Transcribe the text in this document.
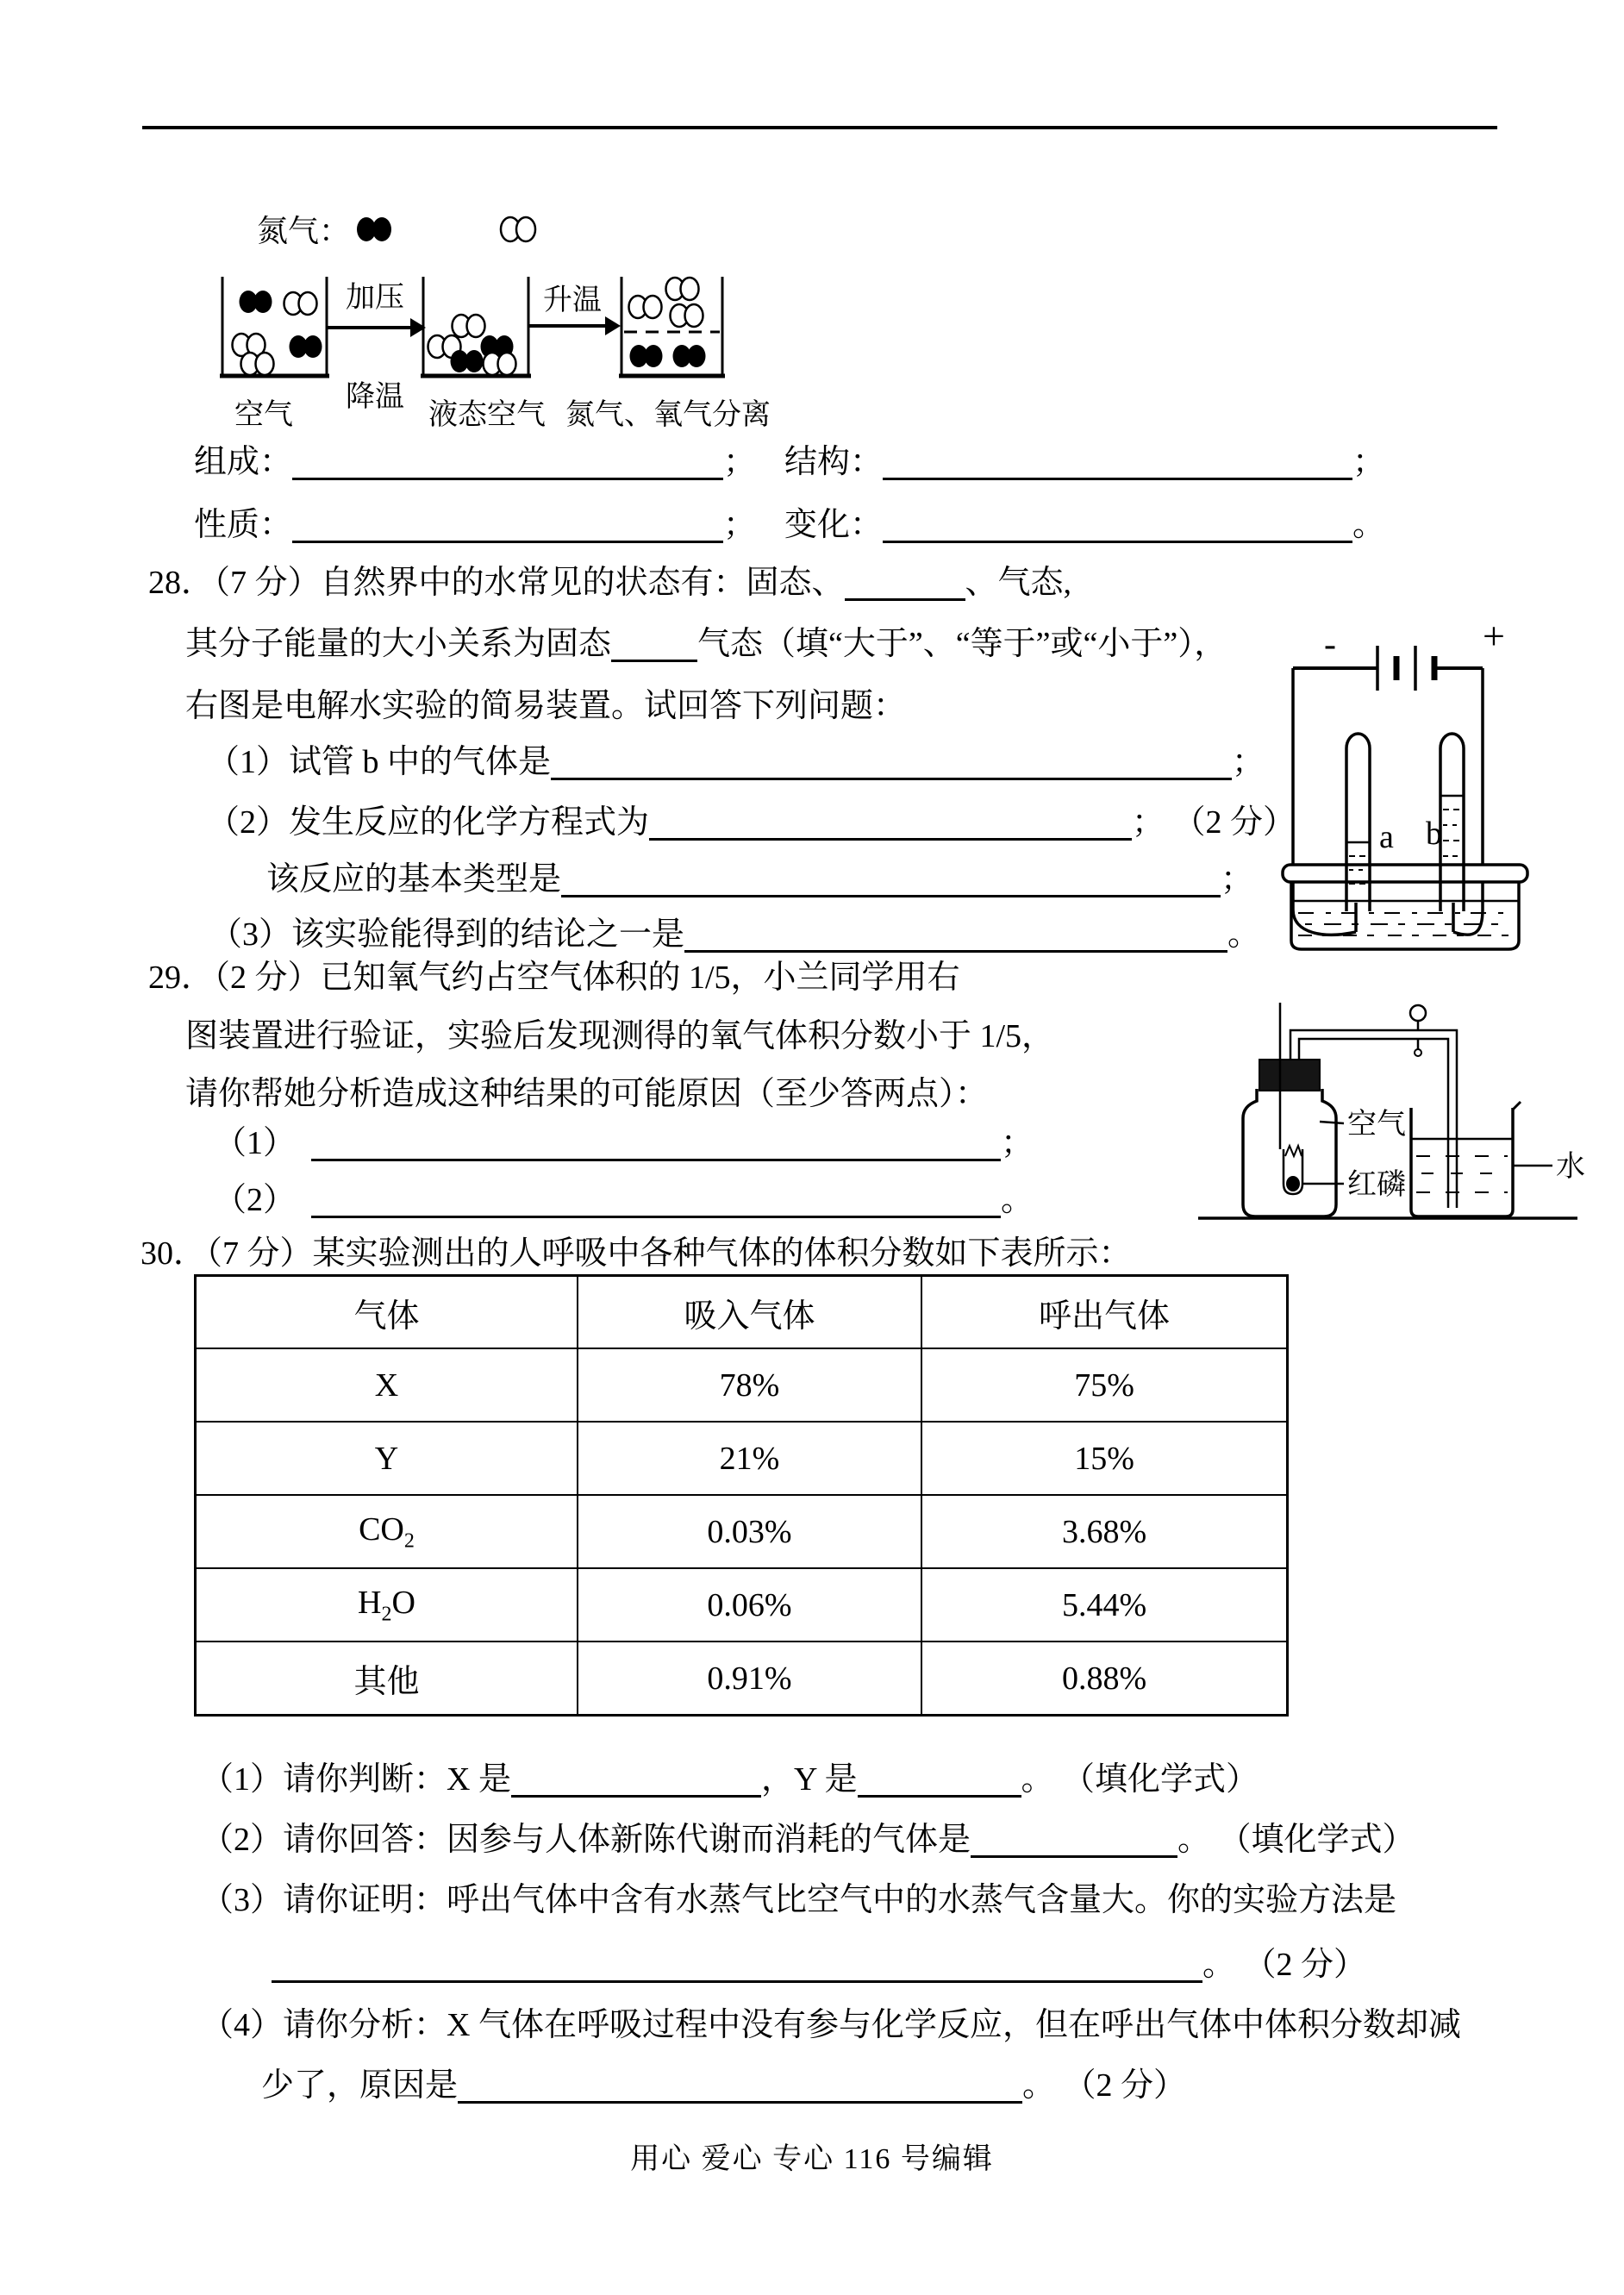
氮气：
加压
降温
升温
空气	液态空气 氮气、氧气分离
组成：	； 结构：	；
性质：	； 变化：	。
28．（7 分）自然界中的水常见的状态有：固态、	、气态,
其分子能量的大小关系为固态	气态（填“大于”、“等于”或“小于”），
右图是电解水实验的简易装置。试回答下列问题：
（1）试管 b 中的气体是	；
（2）发生反应的化学方程式为	； （2 分）
该反应的基本类型是	；
（3）该实验能得到的结论之一是	。
-	+
a b
29．（2 分）已知氧气约占空气体积的 1/5，小兰同学用右
图装置进行验证，实验后发现测得的氧气体积分数小于 1/5，
请你帮她分析造成这种结果的可能原因（至少答两点）：
（1）	；
（2）	。
空气
红磷
水
30．（7 分）某实验测出的人呼吸中各种气体的体积分数如下表所示：
气体	吸入气体	呼出气体
X	78%	75%
Y	21%	15%
$CO_2$	0.03%	3.68%
$H_2O$	0.06%	5.44%
其他	0.91%	0.88%
（1）请你判断：X 是	，Y 是	。 （填化学式）
（2）请你回答：因参与人体新陈代谢而消耗的气体是	。 （填化学式）
（3）请你证明：呼出气体中含有水蒸气比空气中的水蒸气含量大。你的实验方法是
。 （2 分）
（4）请你分析：X 气体在呼吸过程中没有参与化学反应，但在呼出气体中体积分数却减
少了，原因是	。 （2 分）
用心 爱心 专心 116 号编辑
